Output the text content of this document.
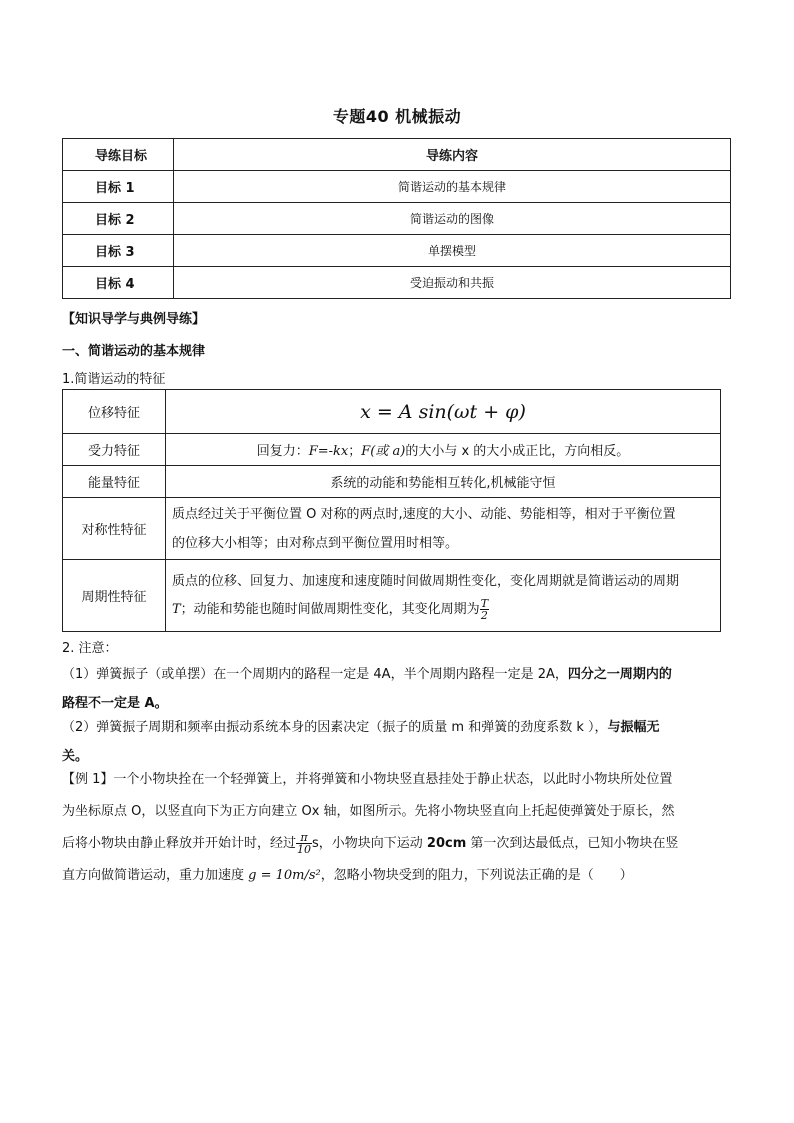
专题40 机械振动
导练目标	导练内容
目标 1	简谐运动的基本规律
目标 2	简谐运动的图像
目标 3	单摆模型
目标 4	受迫振动和共振
【知识导学与典例导练】
一、简谐运动的基本规律
1.简谐运动的特征
位移特征	x = A sin(ωt + φ)
受力特征	回复力：F=-kx；F(或 a)的大小与 x 的大小成正比，方向相反。
能量特征	系统的动能和势能相互转化,机械能守恒
对称性特征	质点经过关于平衡位置 O 对称的两点时,速度的大小、动能、势能相等，相对于平衡位置
的位移大小相等；由对称点到平衡位置用时相等。

周期性特征	质点的位移、回复力、加速度和速度随时间做周期性变化，变化周期就是简谐运动的周期
T；动能和势能也随时间做周期性变化，其变化周期为 $\frac{T}{2}$
2. 注意：
（1）弹簧振子（或单摆）在一个周期内的路程一定是 4A，半个周期内路程一定是 2A，四分之一周期内的
路程不一定是 A。
（2）弹簧振子周期和频率由振动系统本身的因素决定（振子的质量 m 和弹簧的劲度系数 k ），与振幅无
关。
【例 1】一个小物块拴在一个轻弹簧上，并将弹簧和小物块竖直悬挂处于静止状态，以此时小物块所处位置
为坐标原点 O，以竖直向下为正方向建立 Ox 轴，如图所示。先将小物块竖直向上托起使弹簧处于原长，然
后将小物块由静止释放并开始计时，经过 $\frac{\pi}{10}$ s，小物块向下运动 20cm 第一次到达最低点，已知小物块在竖
直方向做简谐运动，重力加速度 g = 10m/s²，忽略小物块受到的阻力，下列说法正确的是（　　）
